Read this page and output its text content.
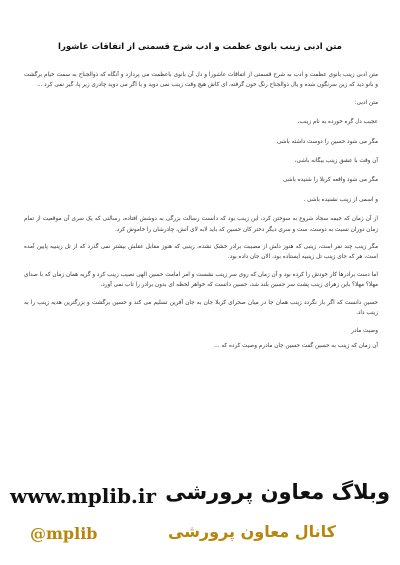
متن ادبی زینب بانوی عظمت و ادب شرح قسمتی از اتفاقات عاشورا

متن ادبی زینب بانوی عظمت و ادب به شرح قسمتی از اتفاقات عاشورا و دل آن بانوی باعظمت می پردازد و آنگاه که ذوالجناح به سمت خیام برگشت و بانو دید که زین سرنگون شده و یال ذوالجناح رنگ خون گرفته، ای کاش هیچ وقت زینب نمی دوید و یا اگر می دوید چادری زیر پا، گیر نمی کرد ...

متن ادبی:
عجیب دل گره خورده به نام زینب،
مگر می شود حسین را دوست داشته باشی
آن وقت با عشق زینب بیگانه باشی،
مگر می شود واقعه کربلا را شنیده باشی
و اسمی از زینب نشنیده باشی .

از آن زمان که خیمه سجاد شروع به سوختن کرد، این زینب بود که دانست رسالت بزرگی به دوشش افتاده، رسالتی که یک سری آن موقعیت از تمام زمان دوران نسبت به دوست، ست و سری دیگر دختر کان حسین که باید لابه لای آتش، چادرشان را خاموش کرد.

مگر زینب چند نفر است، زینبی که هنوز دلش از مصیبت برادر خشک نشده، زینبی که هنوز مقابل عقلش بیشتر نمی گذرد که از تل زینبیه پایین آمده است، هر که جای زینب تل زینبیه ایستاده بود، الان جان داده بود.

اما دست برادرها کار خودش را کرده بود و آن زمان که روی سر زینب نشست و امر امامت حسین الهی نصیب زینب کرد و گریه همان زمان که با صدای مهلا؟ مهلا؟ باین زهرای زینب پشت سر حسین بلند شد، حسین دانست که خواهر لحظه ای بدون برادر را تاب نمی آورد.

حسین دانست که اگر باز نگردد زینب همان جا در میان صحرای کربلا جان به جان آفرین تسلیم می کند و حسین برگشت و بزرگترین هدیه زینب را به زینب داد.

وصیت مادر

آن زمان که زینب به حسین گفت حسین جان مادرم وصیت کرده که ...

www.mplib.ir وبلاگ معاون پرورشی
@mplib	کانال معاون پرورشی
